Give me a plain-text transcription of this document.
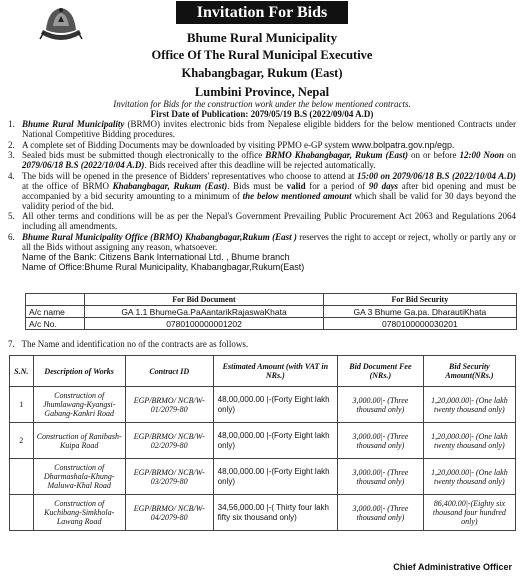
Invitation For Bids
Bhume Rural Municipality
Office Of The Rural Municipal Executive
Khabangbagar, Rukum (East)
Lumbini Province, Nepal
Invitation for Bids for the construction work under the below mentioned contracts.
First Date of Publication: 2079/05/19 B.S (2022/09/04 A.D)
1. Bhume Rural Municipality (BRMO) invites electronic bids from Nepalese eligible bidders for the below mentioned Contracts under National Competitive Bidding procedures.
2. A complete set of Bidding Documents may be downloaded by visiting PPMO e-GP system www.bolpatra.gov.np/egp.
3. Sealed bids must be submitted though electronically to the office BRMO Khabangbagar, Rukum (East) on or before 12:00 Noon on 2079/06/18 B.S (2022/10/04 A.D). Bids received after this deadline will be rejected automatically.
4. The bids will be opened in the presence of Bidders' representatives who choose to attend at 15:00 on 2079/06/18 B.S (2022/10/04 A.D) at the office of BRMO Khabangbagar, Rukum (East). Bids must be valid for a period of 90 days after bid opening and must be accompanied by a bid security amounting to a minimum of the below mentioned amount which shall be valid for 30 days beyond the validity period of the bid.
5. All other terms and conditions will be as per the Nepal's Government Prevailing Public Procurement Act 2063 and Regulations 2064 including all amendments.
6. Bhume Rural Municipality Office (BRMO) Khabangbagar,Rukum (East ) reserves the right to accept or reject, wholly or partly any or all the Bids without assigning any reason, whatsoever.
Name of the Bank: Citizens Bank International Ltd. , Bhume branch
Name of Office:Bhume Rural Municipality, Khabangbagar,Rukum(East)
	For Bid Document	For Bid Security
A/c name	GA 1.1 BhumeGa.PaAantarikRajaswaKhata	GA 3 Bhume Ga.pa. DharautiKhata
A/c No.	0780100000001202	0780100000030201
7.   The Name and identification no of the contracts are as follows.
S.N.	Description of Works	Contract ID	Estimated Amount (with VAT in NRs.)	Bid Document Fee (NRs.)	Bid Security Amount(NRs.)
1	Construction of Jhumlawang-Kyangsi-Gabang-Kankri Road	EGP/BRMO/ NCB/W-01/2079-80	48,00,000.00 |-(Forty Eight lakh only)	3,000.00|- (Three thousand only)	1,20,000.00|- (One lakh twenty thousand only)
2	Construction of Ranibash-Kuipa Road	EGP/BRMO/ NCB/W-02/2079-80	48,00,000.00 |-(Forty Eight lakh only)	3,000.00|- (Three thousand only)	1,20,000.00|- (One lakh twenty thousand only)
	Construction of Dharmashala-Khung-Maluwa-Khal Road	EGP/BRMO/ NCB/W-03/2079-80	48,00,000.00 |-(Forty Eight lakh only)	3,000.00|- (Three thousand only)	1,20,000.00|- (One lakh twenty thousand only)
	Construction of Kuchibang-Simkhola-Lawang Road	EGP/BRMO/ NCB/W-04/2079-80	34,56,000.00 |-( Thirty four lakh fifty six thousand only)	3,000.00|- (Three thousand only)	86,400.00|-(Eighty six thousand four hundred only)
Chief Administrative Officer
